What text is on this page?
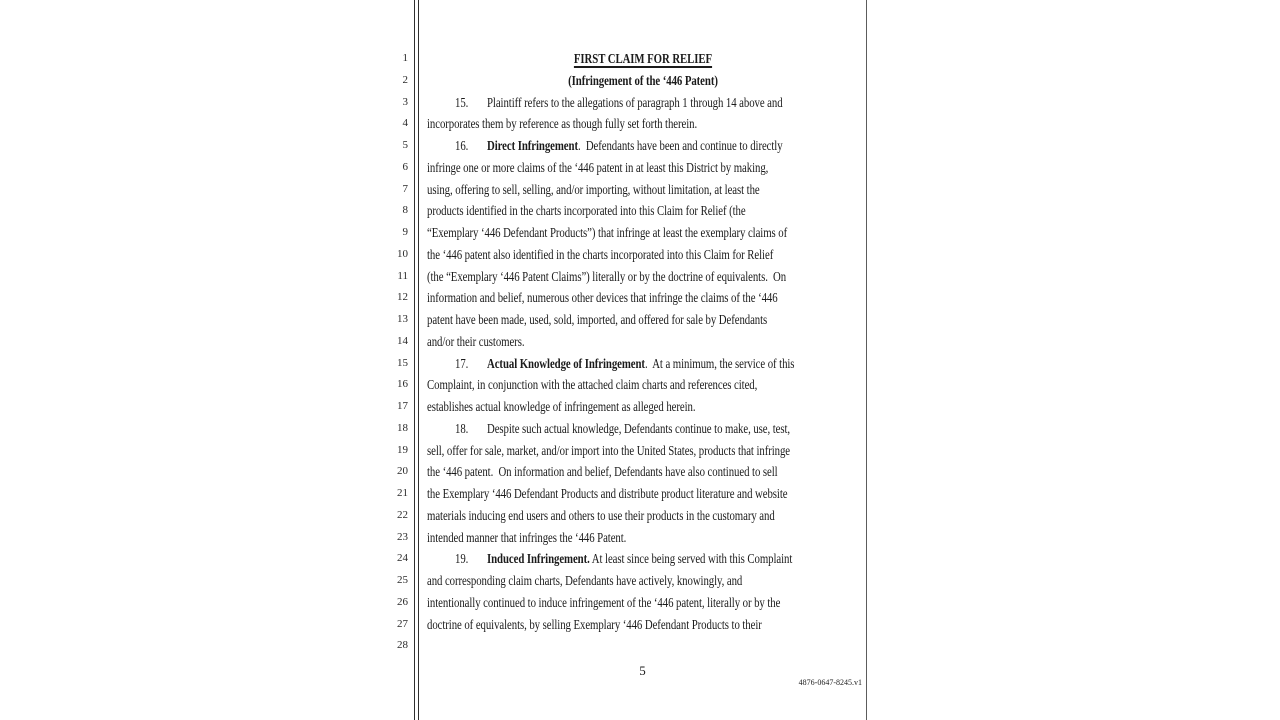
1
2
3
4
5
6
7
8
9
10
11
12
13
14
15
16
17
18
19
20
21
22
23
24
25
26
27
28
FIRST CLAIM FOR RELIEF
(Infringement of the ‘446 Patent)
15. Plaintiff refers to the allegations of paragraph 1 through 14 above and
incorporates them by reference as though fully set forth therein.
16. Direct Infringement.  Defendants have been and continue to directly
infringe one or more claims of the ‘446 patent in at least this District by making,
using, offering to sell, selling, and/or importing, without limitation, at least the
products identified in the charts incorporated into this Claim for Relief (the
“Exemplary ‘446 Defendant Products”) that infringe at least the exemplary claims of
the ‘446 patent also identified in the charts incorporated into this Claim for Relief
(the “Exemplary ‘446 Patent Claims”) literally or by the doctrine of equivalents.  On
information and belief, numerous other devices that infringe the claims of the ‘446
patent have been made, used, sold, imported, and offered for sale by Defendants
and/or their customers.
17. Actual Knowledge of Infringement.  At a minimum, the service of this
Complaint, in conjunction with the attached claim charts and references cited,
establishes actual knowledge of infringement as alleged herein.
18. Despite such actual knowledge, Defendants continue to make, use, test,
sell, offer for sale, market, and/or import into the United States, products that infringe
the ‘446 patent.  On information and belief, Defendants have also continued to sell
the Exemplary ‘446 Defendant Products and distribute product literature and website
materials inducing end users and others to use their products in the customary and
intended manner that infringes the ‘446 Patent.
19. Induced Infringement. At least since being served with this Complaint
and corresponding claim charts, Defendants have actively, knowingly, and
intentionally continued to induce infringement of the ‘446 patent, literally or by the
doctrine of equivalents, by selling Exemplary ‘446 Defendant Products to their
5
4876-0647-8245.v1
